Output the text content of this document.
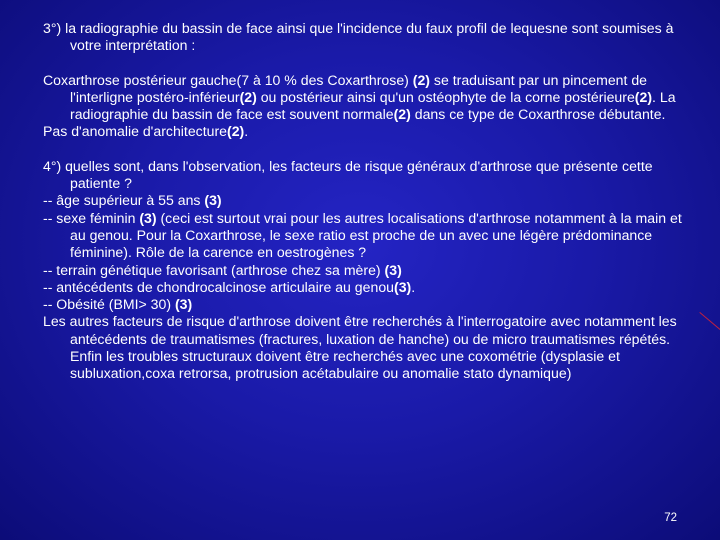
3°) la radiographie du bassin de face ainsi que l'incidence du faux profil de lequesne sont soumises à votre interprétation :

Coxarthrose postérieur gauche(7 à 10 % des Coxarthrose) (2) se traduisant par un pincement de l'interligne postéro-inférieur(2) ou postérieur ainsi qu'un ostéophyte de la corne postérieure(2). La radiographie du bassin de face est souvent normale(2) dans ce type de Coxarthrose débutante.

Pas d'anomalie d'architecture(2).

4°) quelles sont, dans l'observation, les facteurs de risque généraux d'arthrose que présente cette patiente ?

-- âge supérieur à 55 ans (3)

-- sexe féminin (3) (ceci est surtout vrai pour les autres localisations d'arthrose notamment à la main et au genou. Pour la Coxarthrose, le sexe ratio est proche de un avec une légère prédominance féminine). Rôle de la carence en oestrogènes ?

-- terrain génétique favorisant (arthrose chez sa mère) (3)

-- antécédents de chondrocalcinose articulaire au genou(3).

-- Obésité (BMI> 30) (3)

Les autres facteurs de risque d'arthrose doivent être recherchés à l'interrogatoire avec notamment les antécédents de traumatismes (fractures, luxation de hanche) ou de micro traumatismes répétés. Enfin les troubles structuraux doivent être recherchés avec une coxométrie (dysplasie et subluxation,coxa retrorsa, protrusion acétabulaire ou anomalie stato dynamique)

72
